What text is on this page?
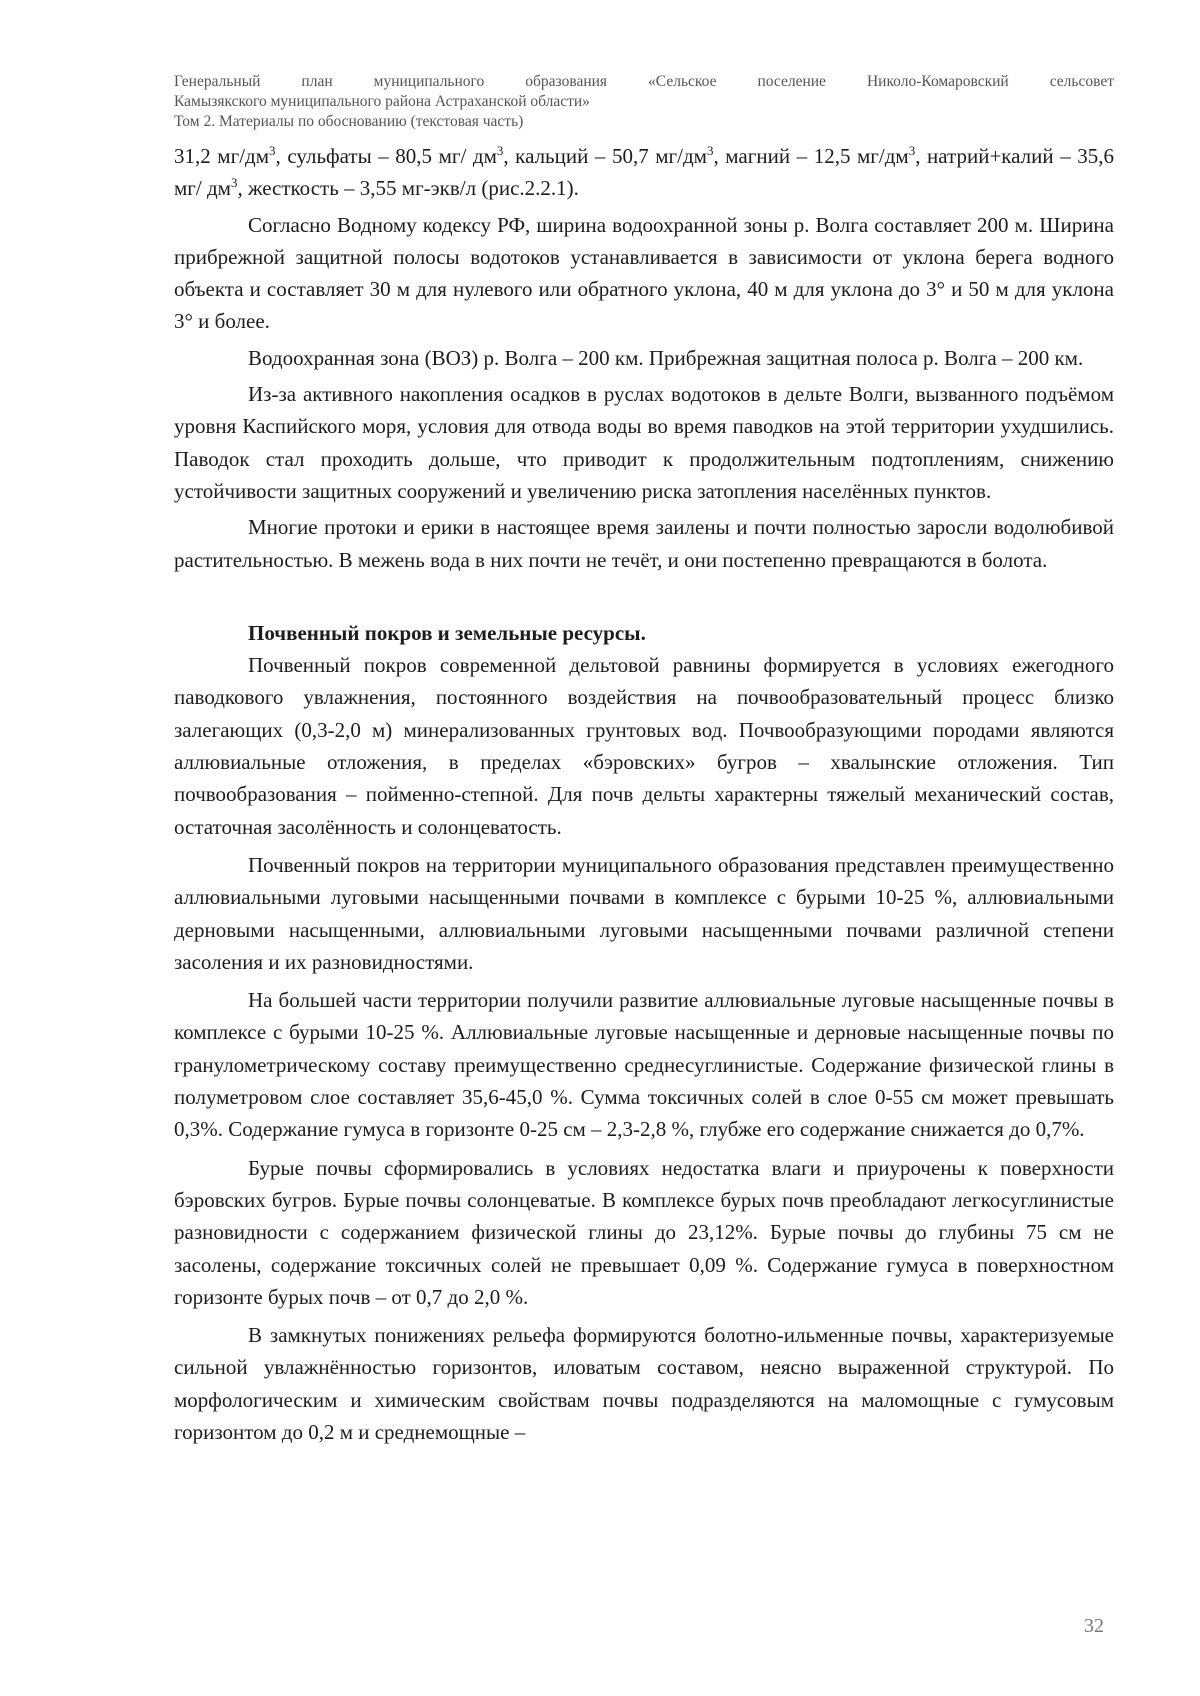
Генеральный план муниципального образования «Сельское поселение Николо-Комаровский сельсовет
Камызякского муниципального района Астраханской области»
Том 2. Материалы по обоснованию (текстовая часть)

31,2 $мг/дм^3$, сульфаты – 80,5 мг/ $дм^3$, кальций – 50,7 $мг/дм^3$, магний – 12,5 $мг/дм^3$, натрий+калий – 35,6 мг/ $дм^3$, жесткость – 3,55 мг-экв/л (рис.2.2.1).

Согласно Водному кодексу РФ, ширина водоохранной зоны р. Волга составляет 200 м. Ширина прибрежной защитной полосы водотоков устанавливается в зависимости от уклона берега водного объекта и составляет 30 м для нулевого или обратного уклона, 40 м для уклона до 3° и 50 м для уклона 3° и более.

Водоохранная зона (ВОЗ) р. Волга – 200 км. Прибрежная защитная полоса р. Волга – 200 км.

Из-за активного накопления осадков в руслах водотоков в дельте Волги, вызванного подъёмом уровня Каспийского моря, условия для отвода воды во время паводков на этой территории ухудшились. Паводок стал проходить дольше, что приводит к продолжительным подтоплениям, снижению устойчивости защитных сооружений и увеличению риска затопления населённых пунктов.

Многие протоки и ерики в настоящее время заилены и почти полностью заросли водолюбивой растительностью. В межень вода в них почти не течёт, и они постепенно превращаются в болота.

Почвенный покров и земельные ресурсы.

Почвенный покров современной дельтовой равнины формируется в условиях ежегодного паводкового увлажнения, постоянного воздействия на почвообразовательный процесс близко залегающих (0,3-2,0 м) минерализованных грунтовых вод. Почвообразующими породами являются аллювиальные отложения, в пределах «бэровских» бугров – хвалынские отложения. Тип почвообразования – пойменно-степной. Для почв дельты характерны тяжелый механический состав, остаточная засолённость и солонцеватость.

Почвенный покров на территории муниципального образования представлен преимущественно аллювиальными луговыми насыщенными почвами в комплексе с бурыми 10-25 %, аллювиальными дерновыми насыщенными, аллювиальными луговыми насыщенными почвами различной степени засоления и их разновидностями.

На большей части территории получили развитие аллювиальные луговые насыщенные почвы в комплексе с бурыми 10-25 %. Аллювиальные луговые насыщенные и дерновые насыщенные почвы по гранулометрическому составу преимущественно среднесуглинистые. Содержание физической глины в полуметровом слое составляет 35,6-45,0 %. Сумма токсичных солей в слое 0-55 см может превышать 0,3%. Содержание гумуса в горизонте 0-25 см – 2,3-2,8 %, глубже его содержание снижается до 0,7%.

Бурые почвы сформировались в условиях недостатка влаги и приурочены к поверхности бэровских бугров. Бурые почвы солонцеватые. В комплексе бурых почв преобладают легкосуглинистые разновидности с содержанием физической глины до 23,12%. Бурые почвы до глубины 75 см не засолены, содержание токсичных солей не превышает 0,09 %. Содержание гумуса в поверхностном горизонте бурых почв – от 0,7 до 2,0 %.

В замкнутых понижениях рельефа формируются болотно-ильменные почвы, характеризуемые сильной увлажнённостью горизонтов, иловатым составом, неясно выраженной структурой. По морфологическим и химическим свойствам почвы подразделяются на маломощные с гумусовым горизонтом до 0,2 м и среднемощные –

32
